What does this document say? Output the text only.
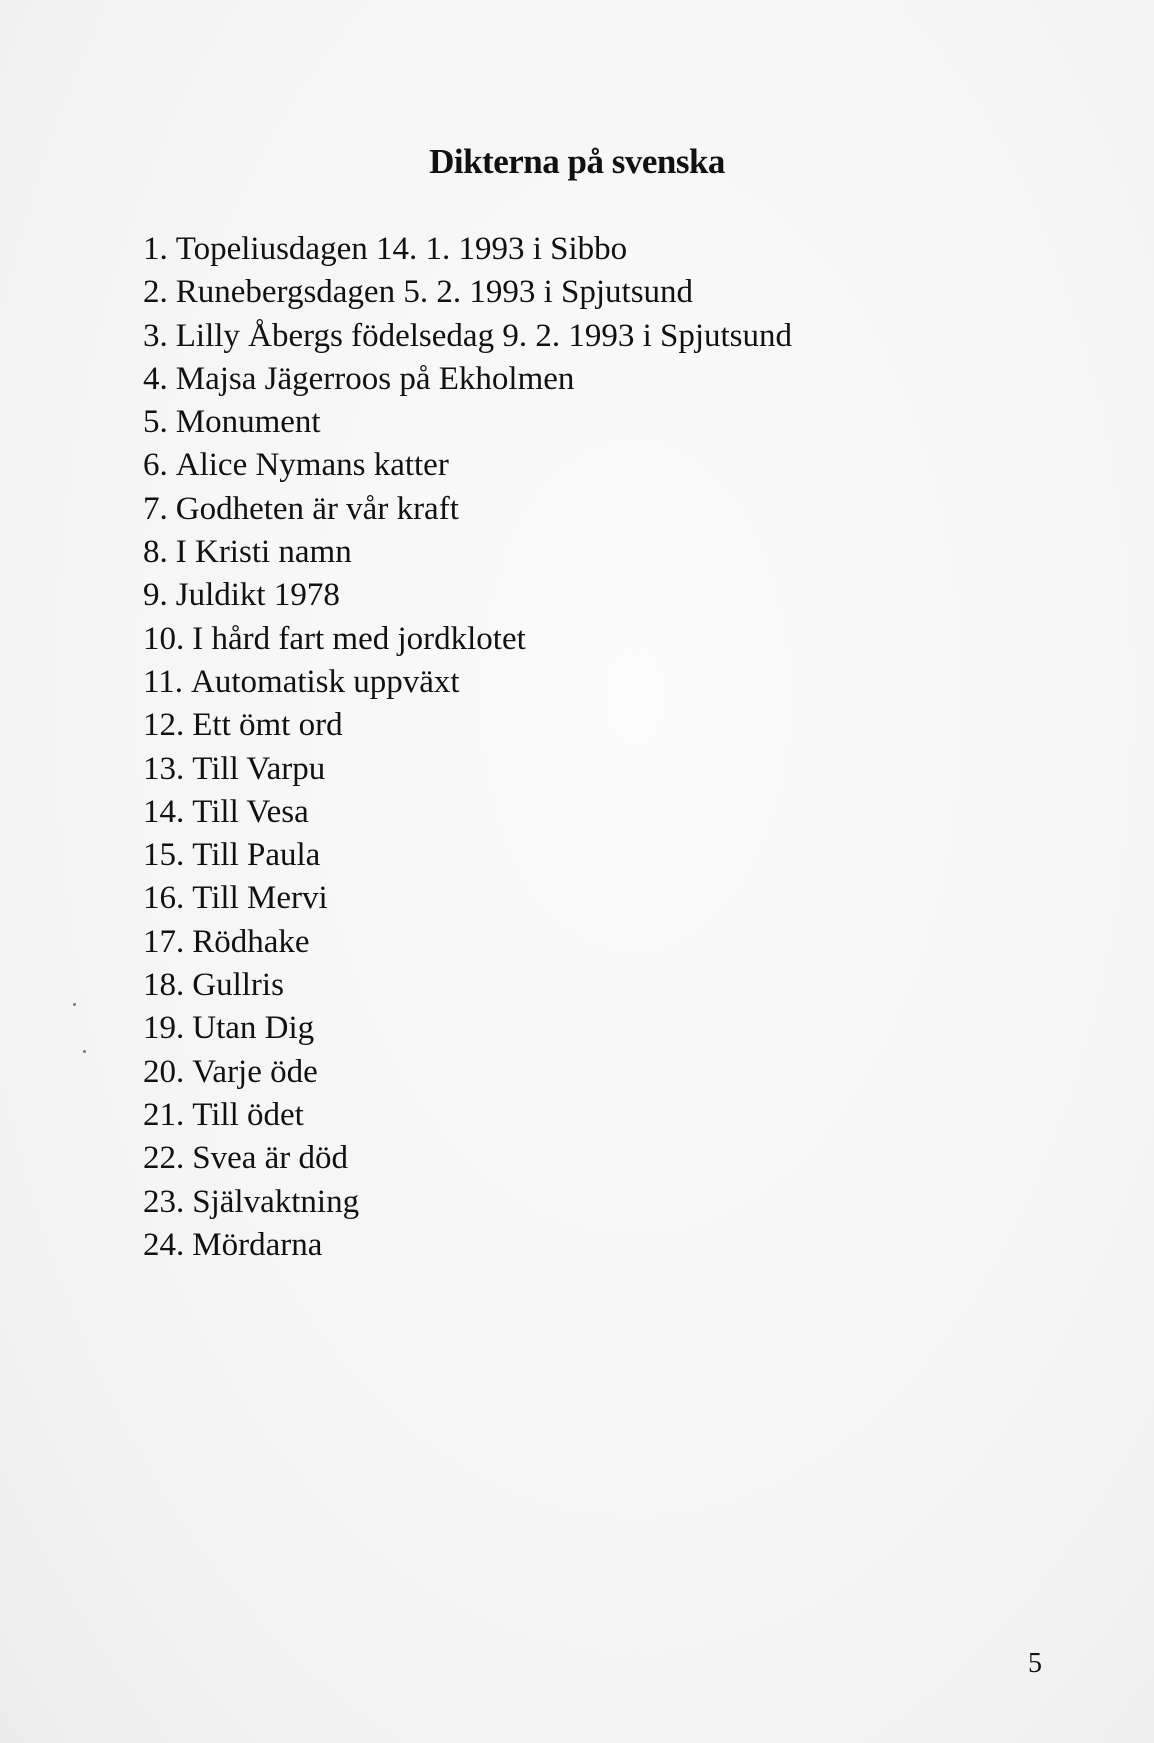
Dikterna på svenska
1. Topeliusdagen 14. 1. 1993 i Sibbo
2. Runebergsdagen 5. 2. 1993 i Spjutsund
3. Lilly Åbergs födelsedag 9. 2. 1993 i Spjutsund
4. Majsa Jägerroos på Ekholmen
5. Monument
6. Alice Nymans katter
7. Godheten är vår kraft
8. I Kristi namn
9. Juldikt 1978
10. I hård fart med jordklotet
11. Automatisk uppväxt
12. Ett ömt ord
13. Till Varpu
14. Till Vesa
15. Till Paula
16. Till Mervi
17. Rödhake
18. Gullris
19. Utan Dig
20. Varje öde
21. Till ödet
22. Svea är död
23. Självaktning
24. Mördarna
5
